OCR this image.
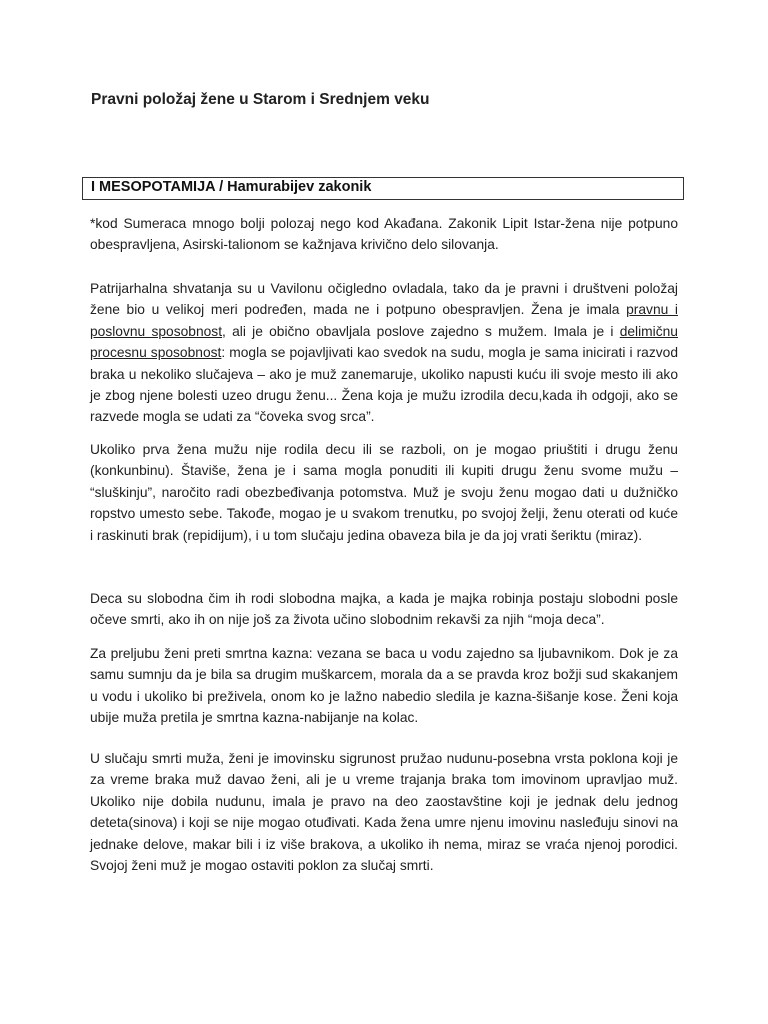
Pravni položaj žene u Starom i Srednjem veku
I MESOPOTAMIJA / Hamurabijev zakonik

*kod Sumeraca mnogo bolji polozaj nego kod Akađana. Zakonik Lipit Istar-žena nije potpuno obespravljena, Asirski-talionom se kažnjava krivično delo silovanja.

Patrijarhalna shvatanja su u Vavilonu očigledno ovladala, tako da je pravni i društveni položaj žene bio u velikoj meri podređen, mada ne i potpuno obespravljen. Žena je imala pravnu i poslovnu sposobnost, ali je obično obavljala poslove zajedno s mužem. Imala je i delimičnu procesnu sposobnost: mogla se pojavljivati kao svedok na sudu, mogla je sama inicirati i razvod braka u nekoliko slučajeva – ako je muž zanemaruje, ukoliko napusti kuću ili svoje mesto ili ako je zbog njene bolesti uzeo drugu ženu... Žena koja je mužu izrodila decu,kada ih odgoji, ako se razvede mogla se udati za “čoveka svog srca”.

Ukoliko prva žena mužu nije rodila decu ili se razboli, on je mogao priuštiti i drugu ženu (konkunbinu). Štaviše, žena je i sama mogla ponuditi ili kupiti drugu ženu svome mužu – “sluškinju”, naročito radi obezbeđivanja potomstva. Muž je svoju ženu mogao dati u dužničko ropstvo umesto sebe. Takođe, mogao je u svakom trenutku, po svojoj želji, ženu oterati od kuće i raskinuti brak (repidijum), i u tom slučaju jedina obaveza bila je da joj vrati šeriktu (miraz).

Deca su slobodna čim ih rodi slobodna majka, a kada je majka robinja postaju slobodni posle očeve smrti, ako ih on nije još za života učino slobodnim rekavši za njih “moja deca”.

Za preljubu ženi preti smrtna kazna: vezana se baca u vodu zajedno sa ljubavnikom. Dok je za samu sumnju da je bila sa drugim muškarcem, morala da a se pravda kroz božji sud skakanjem u vodu i ukoliko bi preživela, onom ko je lažno nabedio sledila je kazna-šišanje kose. Ženi koja ubije muža pretila je smrtna kazna-nabijanje na kolac.

U slučaju smrti muža, ženi je imovinsku sigrunost pružao nudunu-posebna vrsta poklona koji je za vreme braka muž davao ženi, ali je u vreme trajanja braka tom imovinom upravljao muž. Ukoliko nije dobila nudunu, imala je pravo na deo zaostavštine koji je jednak delu jednog deteta(sinova) i koji se nije mogao otuđivati. Kada žena umre njenu imovinu nasleđuju sinovi na jednake delove, makar bili i iz više brakova, a ukoliko ih nema, miraz se vraća njenoj porodici. Svojoj ženi muž je mogao ostaviti poklon za slučaj smrti.
